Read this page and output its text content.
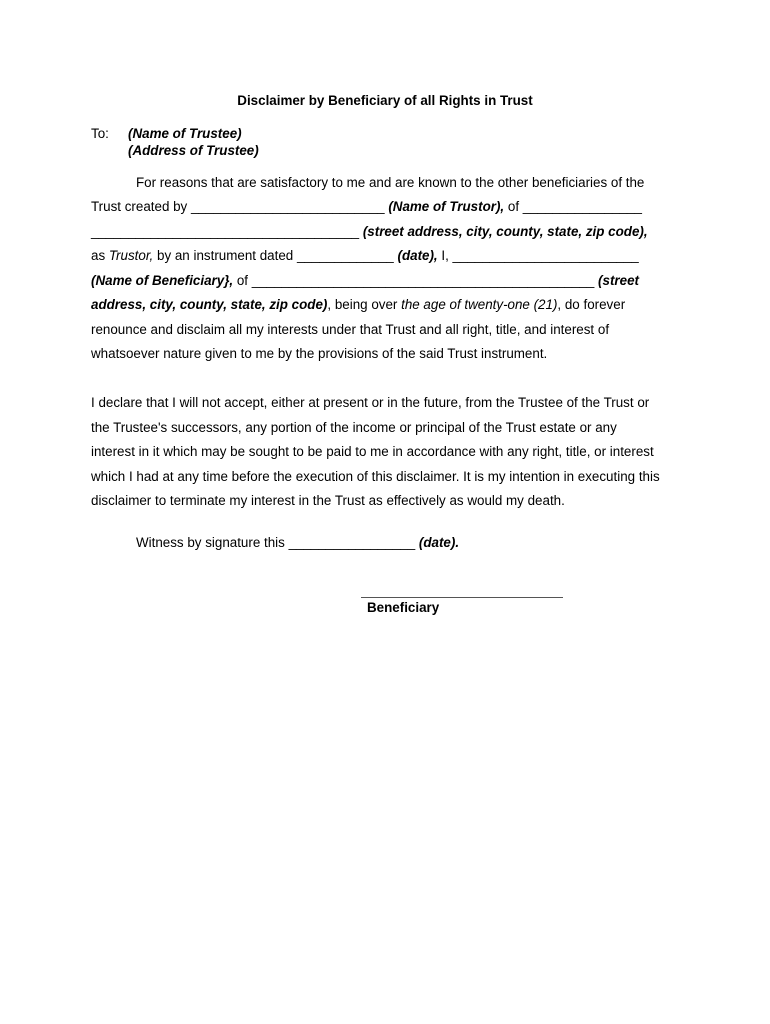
Disclaimer by Beneficiary of all Rights in Trust
To: (Name of Trustee)
(Address of Trustee)
For reasons that are satisfactory to me and are known to the other beneficiaries of the
Trust created by __________________________ (Name of Trustor), of ________________
____________________________________ (street address, city, county, state, zip code),
as Trustor, by an instrument dated _____________ (date), I, _________________________
(Name of Beneficiary}, of ______________________________________________ (street
address, city, county, state, zip code), being over the age of twenty-one (21), do forever
renounce and disclaim all my interests under that Trust and all right, title, and interest of
whatsoever nature given to me by the provisions of the said Trust instrument.
I declare that I will not accept, either at present or in the future, from the Trustee of the Trust or
the Trustee's successors, any portion of the income or principal of the Trust estate or any
interest in it which may be sought to be paid to me in accordance with any right, title, or interest
which I had at any time before the execution of this disclaimer. It is my intention in executing this
disclaimer to terminate my interest in the Trust as effectively as would my death.
Witness by signature this _________________ (date).
Beneficiary
